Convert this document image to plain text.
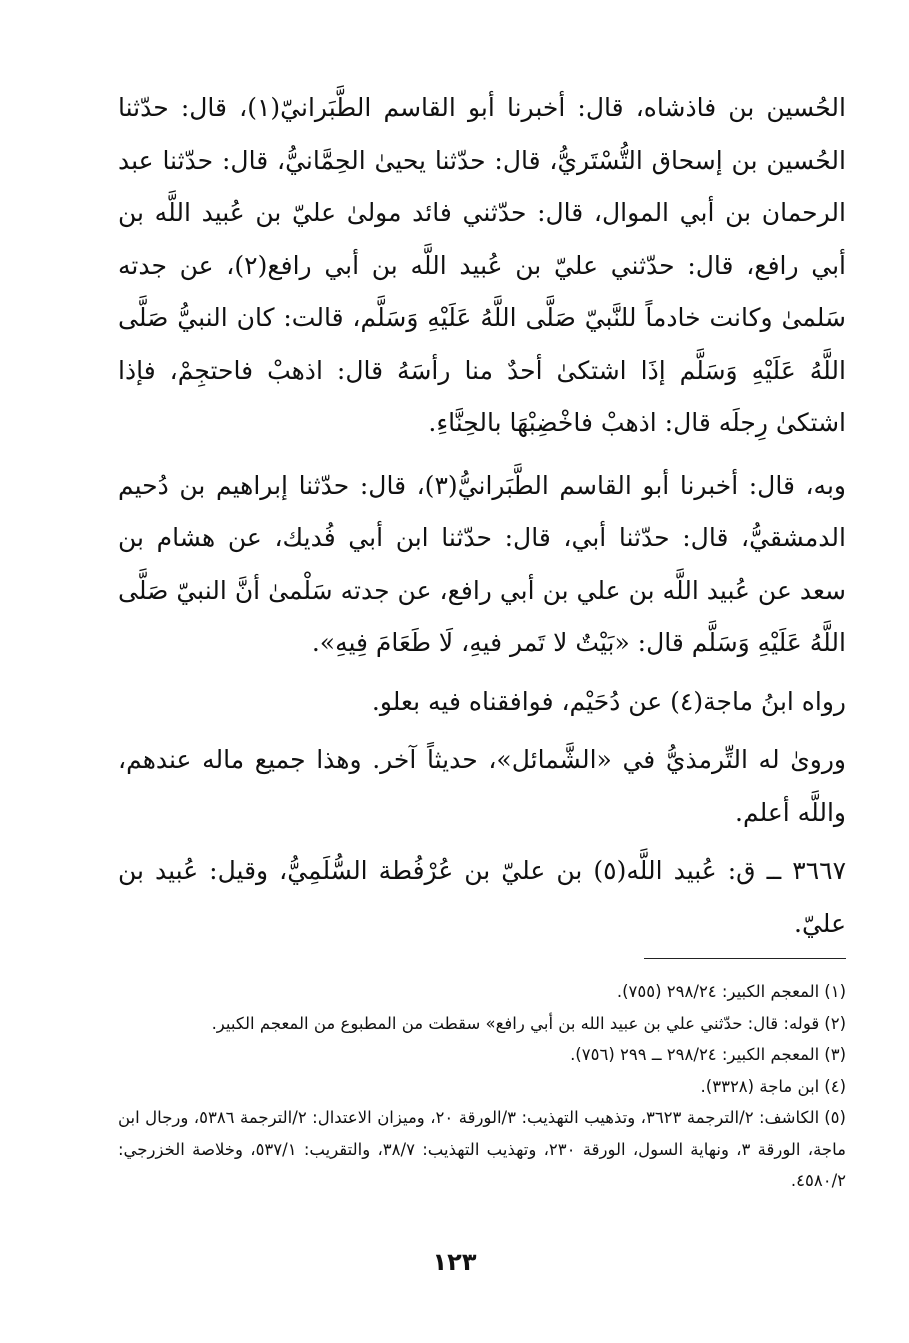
الحُسين بن فاذشاه، قال: أخبرنا أبو القاسم الطَّبَرانيّ(١)، قال: حدّثنا الحُسين بن إسحاق التُّسْتَريُّ، قال: حدّثنا يحيىٰ الحِمَّانيُّ، قال: حدّثنا عبد الرحمان بن أبي الموال، قال: حدّثني فائد مولىٰ عليّ بن عُبيد اللَّه بن أبي رافع، قال: حدّثني عليّ بن عُبيد اللَّه بن أبي رافع(٢)، عن جدته سَلمىٰ وكانت خادماً للنَّبيّ صَلَّى اللَّهُ عَلَيْهِ وَسَلَّم، قالت: كان النبيُّ صَلَّى اللَّهُ عَلَيْهِ وَسَلَّم إذَا اشتكىٰ أحدٌ منا رأسَهُ قال: اذهبْ فاحتجِمْ، فإذا اشتكىٰ رِجلَه قال: اذهبْ فاخْضِبْهَا بالحِنَّاءِ.

وبه، قال: أخبرنا أبو القاسم الطَّبَرانيُّ(٣)، قال: حدّثنا إبراهيم بن دُحيم الدمشقيُّ، قال: حدّثنا أبي، قال: حدّثنا ابن أبي فُديك، عن هشام بن سعد عن عُبيد اللَّه بن علي بن أبي رافع، عن جدته سَلْمىٰ أنَّ النبيّ صَلَّى اللَّهُ عَلَيْهِ وَسَلَّم قال: «بَيْتٌ لا تَمر فيهِ، لَا طَعَامَ فِيهِ».

رواه ابنُ ماجة(٤) عن دُحَيْم، فوافقناه فيه بعلو.

ورویٰ له التِّرمذيُّ في «الشَّمائل»، حديثاً آخر. وهذا جميع ماله عندهم، واللَّه أعلم.

٣٦٦٧ ــ ق: عُبيد اللَّه(٥) بن عليّ بن عُرْفُطة السُّلَمِيُّ، وقيل: عُبيد بن عليّ.

(١)المعجم الكبير: ٢٩٨/٢٤ (٧٥٥).

(٢)قوله: قال: حدّثني علي بن عبيد الله بن أبي رافع» سقطت من المطبوع من المعجم الكبير.

(٣)المعجم الكبير: ٢٩٨/٢٤ ــ ٢٩٩ (٧٥٦).

(٤)ابن ماجة (٣٣٢٨).

(٥)الكاشف: ٢/الترجمة ٣٦٢٣، وتذهيب التهذيب: ٣/الورقة ٢٠، وميزان الاعتدال: ٢/الترجمة ٥٣٨٦، ورجال ابن ماجة، الورقة ٣، ونهاية السول، الورقة ٢٣٠، وتهذيب التهذيب: ٣٨/٧، والتقريب: ٥٣٧/١، وخلاصة الخزرجي: ٤٥٨٠/٢.

١٢٣
